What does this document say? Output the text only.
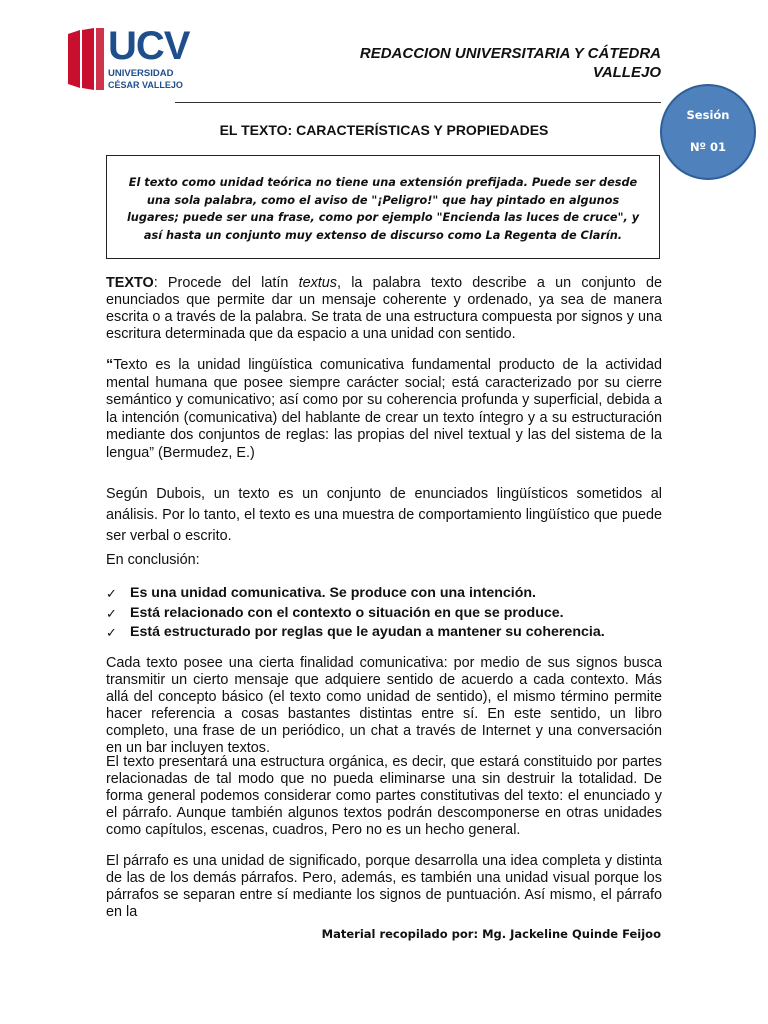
UCV
UNIVERSIDAD
CÉSAR VALLEJO
REDACCION UNIVERSITARIA Y CÁTEDRA
VALLEJO
Sesión
Nº 01
EL TEXTO: CARACTERÍSTICAS Y PROPIEDADES
El texto como unidad teórica no tiene una extensión prefijada. Puede ser desde una sola palabra, como el aviso de "¡Peligro!" que hay pintado en algunos lugares; puede ser una frase, como por ejemplo "Encienda las luces de cruce", y así hasta un conjunto muy extenso de discurso como La Regenta de Clarín.
TEXTO: Procede del latín textus, la palabra texto describe a un conjunto de enunciados que permite dar un mensaje coherente y ordenado, ya sea de manera escrita o a través de la palabra. Se trata de una estructura compuesta por signos y una escritura determinada que da espacio a una unidad con sentido.
“Texto es la unidad lingüística comunicativa fundamental producto de la actividad mental humana que posee siempre carácter social; está caracterizado por su cierre semántico y comunicativo; así como por su coherencia profunda y superficial, debida a la intención (comunicativa) del hablante de crear un texto íntegro y a su estructuración mediante dos conjuntos de reglas: las propias del nivel textual y las del sistema de la lengua” (Bermudez, E.)
Según Dubois, un texto es un conjunto de enunciados lingüísticos sometidos al análisis. Por lo tanto, el texto es una muestra de comportamiento lingüístico que puede ser verbal o escrito.
En conclusión:
✓ Es una unidad comunicativa. Se produce con una intención.
✓ Está relacionado con el contexto o situación en que se produce.
✓ Está estructurado por reglas que le ayudan a mantener su coherencia.
Cada texto posee una cierta finalidad comunicativa: por medio de sus signos busca transmitir un cierto mensaje que adquiere sentido de acuerdo a cada contexto. Más allá del concepto básico (el texto como unidad de sentido), el mismo término permite hacer referencia a cosas bastantes distintas entre sí. En este sentido, un libro completo, una frase de un periódico, un chat a través de Internet y una conversación en un bar incluyen textos.
El texto presentará una estructura orgánica, es decir, que estará constituido por partes relacionadas de tal modo que no pueda eliminarse una sin destruir la totalidad. De forma general podemos considerar como partes constitutivas del texto: el enunciado y el párrafo. Aunque también algunos textos podrán descomponerse en otras unidades como capítulos, escenas, cuadros, Pero no es un hecho general.
El párrafo es una unidad de significado, porque desarrolla una idea completa y distinta de las de los demás párrafos. Pero, además, es también una unidad visual porque los párrafos se separan entre sí mediante los signos de puntuación. Así mismo, el párrafo en la
Material recopilado por: Mg. Jackeline Quinde Feijoo
